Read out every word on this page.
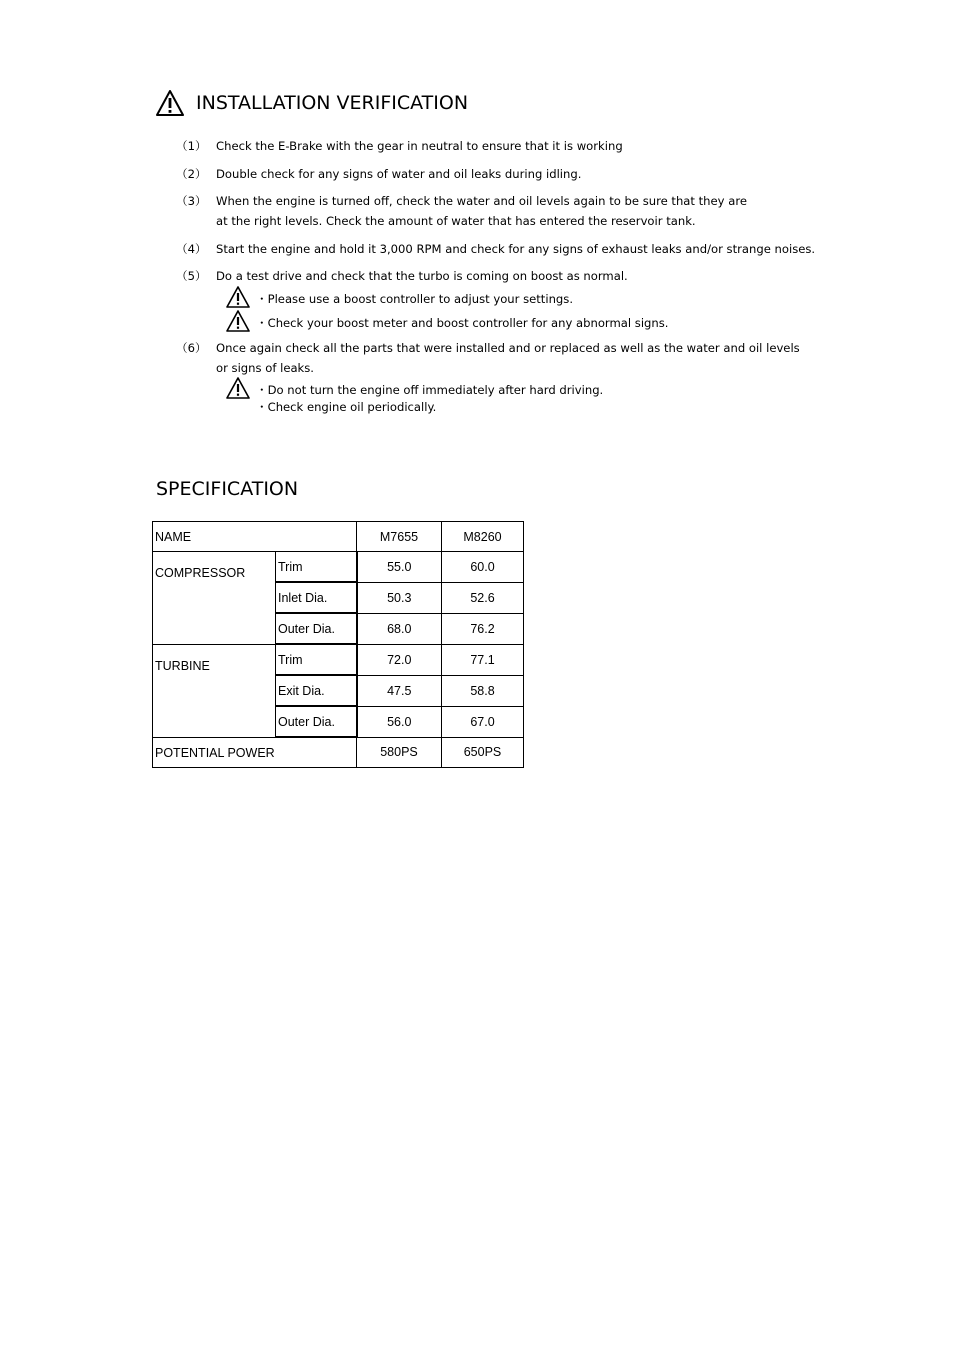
INSTALLATION VERIFICATION
（1） Check the E-Brake with the gear in neutral to ensure that it is working
（2） Double check for any signs of water and oil leaks during idling.
（3） When the engine is turned off, check the water and oil levels again to be sure that they are
at the right levels. Check the amount of water that has entered the reservoir tank.
（4） Start the engine and hold it 3,000 RPM and check for any signs of exhaust leaks and/or strange noises.
（5） Do a test drive and check that the turbo is coming on boost as normal.
・Please use a boost controller to adjust your settings.
・Check your boost meter and boost controller for any abnormal signs.
（6） Once again check all the parts that were installed and or replaced as well as the water and oil levels
or signs of leaks.
・Do not turn the engine off immediately after hard driving.
・Check engine oil periodically.
SPECIFICATION
NAME		M7655	M8260
COMPRESSOR	Trim	55.0	60.0
	Inlet Dia.	50.3	52.6
	Outer Dia.	68.0	76.2
TURBINE	Trim	72.0	77.1
	Exit Dia.	47.5	58.8
	Outer Dia.	56.0	67.0
POTENTIAL POWER		580PS	650PS
